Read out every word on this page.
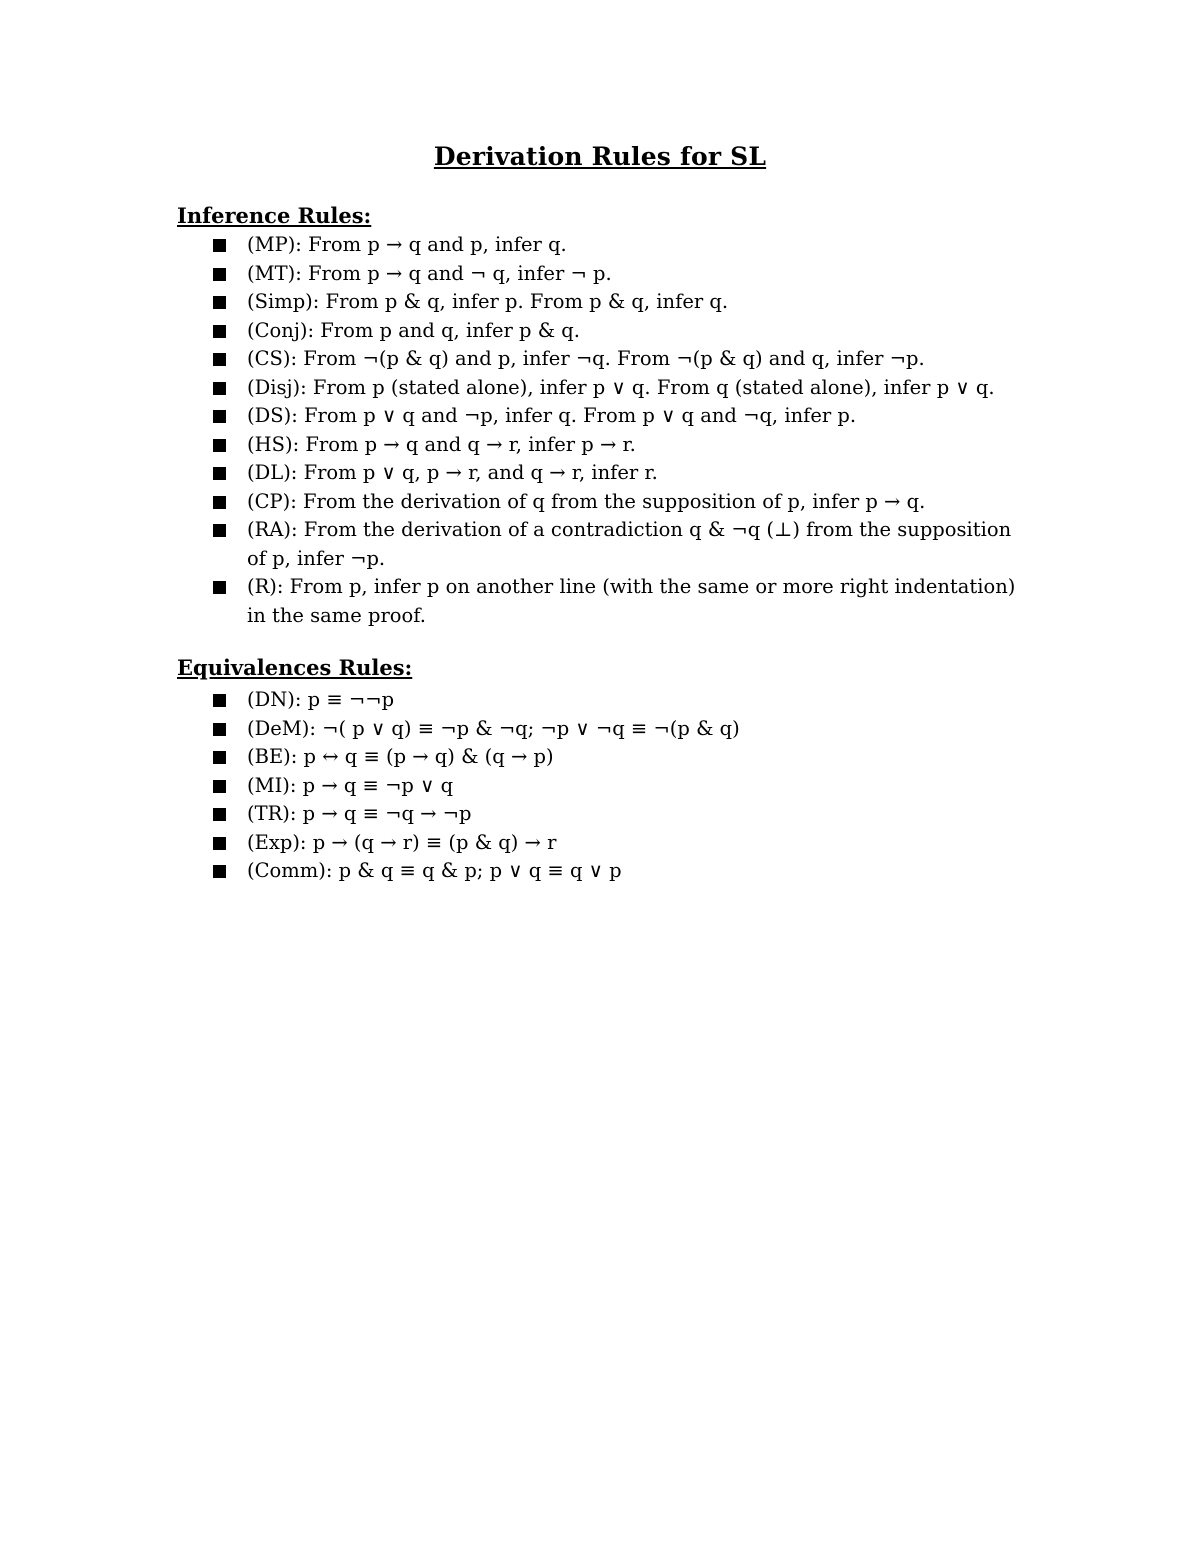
Derivation Rules for SL
Inference Rules:
(MP): From p → q and p, infer q.
(MT): From p → q and ¬ q, infer ¬ p.
(Simp): From p & q, infer p. From p & q, infer q.
(Conj): From p and q, infer p & q.
(CS): From ¬(p & q) and p, infer ¬q. From ¬(p & q) and q, infer ¬p.
(Disj): From p (stated alone), infer p ∨ q. From q (stated alone), infer p ∨ q.
(DS): From p ∨ q and ¬p, infer q. From p ∨ q and ¬q, infer p.
(HS): From p → q and q → r, infer p → r.
(DL): From p ∨ q, p → r, and q → r, infer r.
(CP): From the derivation of q from the supposition of p, infer p → q.
(RA): From the derivation of a contradiction q & ¬q (⊥) from the supposition of p, infer ¬p.
(R): From p, infer p on another line (with the same or more right indentation) in the same proof.
Equivalences Rules:
(DN): p ≡ ¬¬p
(DeM): ¬( p ∨ q) ≡ ¬p & ¬q; ¬p ∨ ¬q ≡ ¬(p & q)
(BE): p ↔ q ≡ (p → q) & (q → p)
(MI): p → q ≡ ¬p ∨ q
(TR): p → q ≡ ¬q → ¬p
(Exp): p → (q → r) ≡ (p & q) → r
(Comm): p & q ≡ q & p; p ∨ q ≡ q ∨ p
